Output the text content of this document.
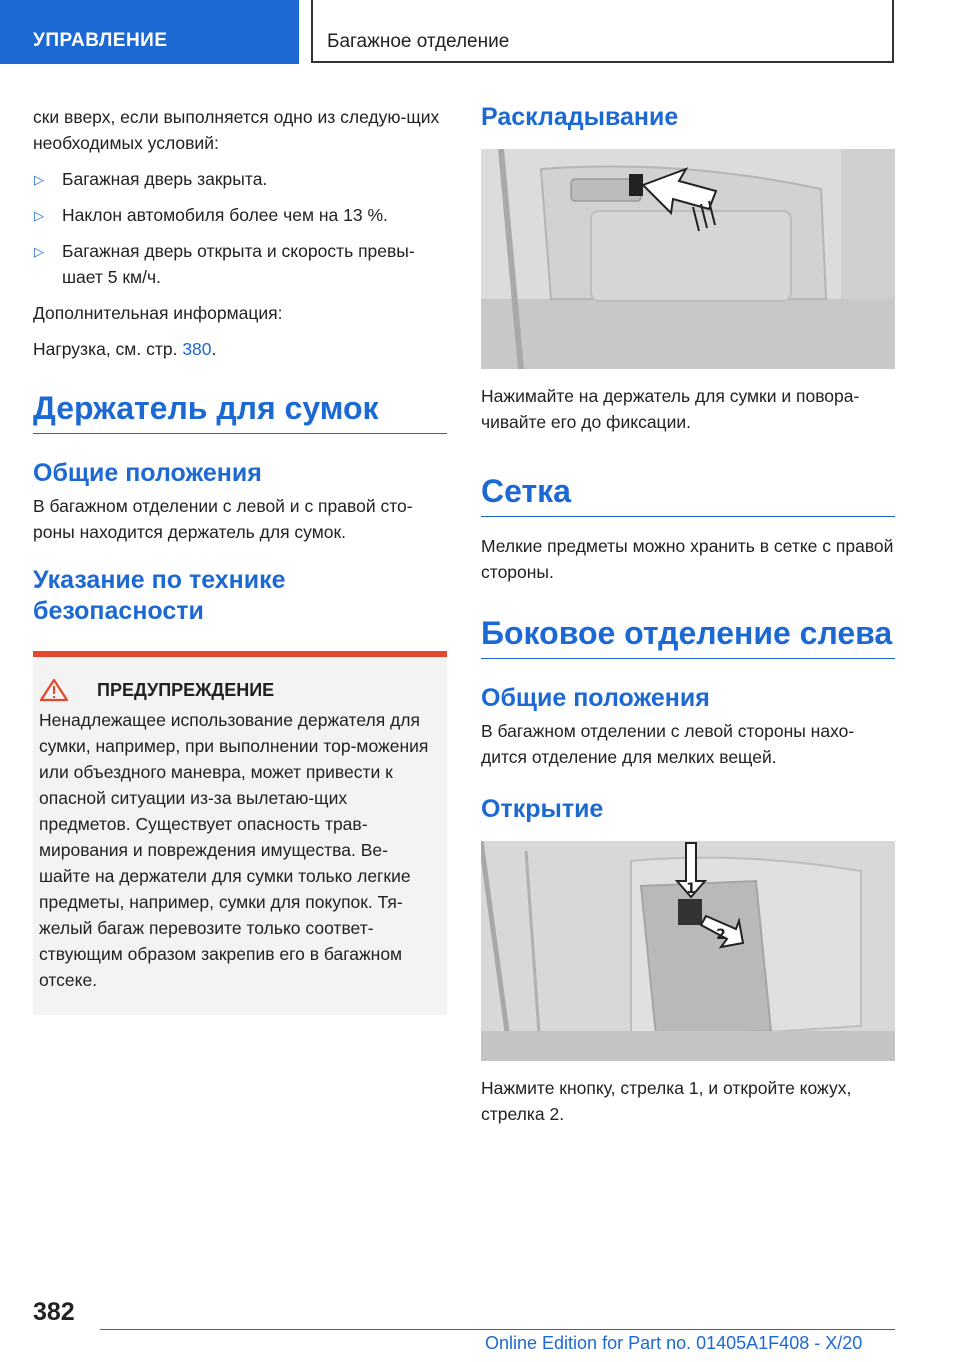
УПРАВЛЕНИЕ	Багажное отделение

ски вверх, если выполняется одно из следую-щих необходимых условий:

▷ Багажная дверь закрыта.
▷ Наклон автомобиля более чем на 13 %.
▷ Багажная дверь открыта и скорость превы-шает 5 км/ч.

Дополнительная информация:

Нагрузка, см. стр. 380.

Держатель для сумок
Общие положения

В багажном отделении с левой и с правой сто-роны находится держатель для сумок.

Указание по технике безопасности
ПРЕДУПРЕЖДЕНИЕ
Ненадлежащее использование держателя для сумки, например, при выполнении тор-можения или объездного маневра, может привести к опасной ситуации из-за вылетаю-щих предметов. Существует опасность трав-мирования и повреждения имущества. Ве-шайте на держатели для сумки только легкие предметы, например, сумки для покупок. Тя-желый багаж перевозите только соответ-ствующим образом закрепив его в багажном отсеке.
Раскладывание

Нажимайте на держатель для сумки и повора-чивайте его до фиксации.

Сетка

Мелкие предметы можно хранить в сетке с правой стороны.

Боковое отделение слева
Общие положения

В багажном отделении с левой стороны нахо-дится отделение для мелких вещей.

Открытие
1
2

Нажмите кнопку, стрелка 1, и откройте кожух, стрелка 2.

382
Online Edition for Part no. 01405A1F408 - X/20
